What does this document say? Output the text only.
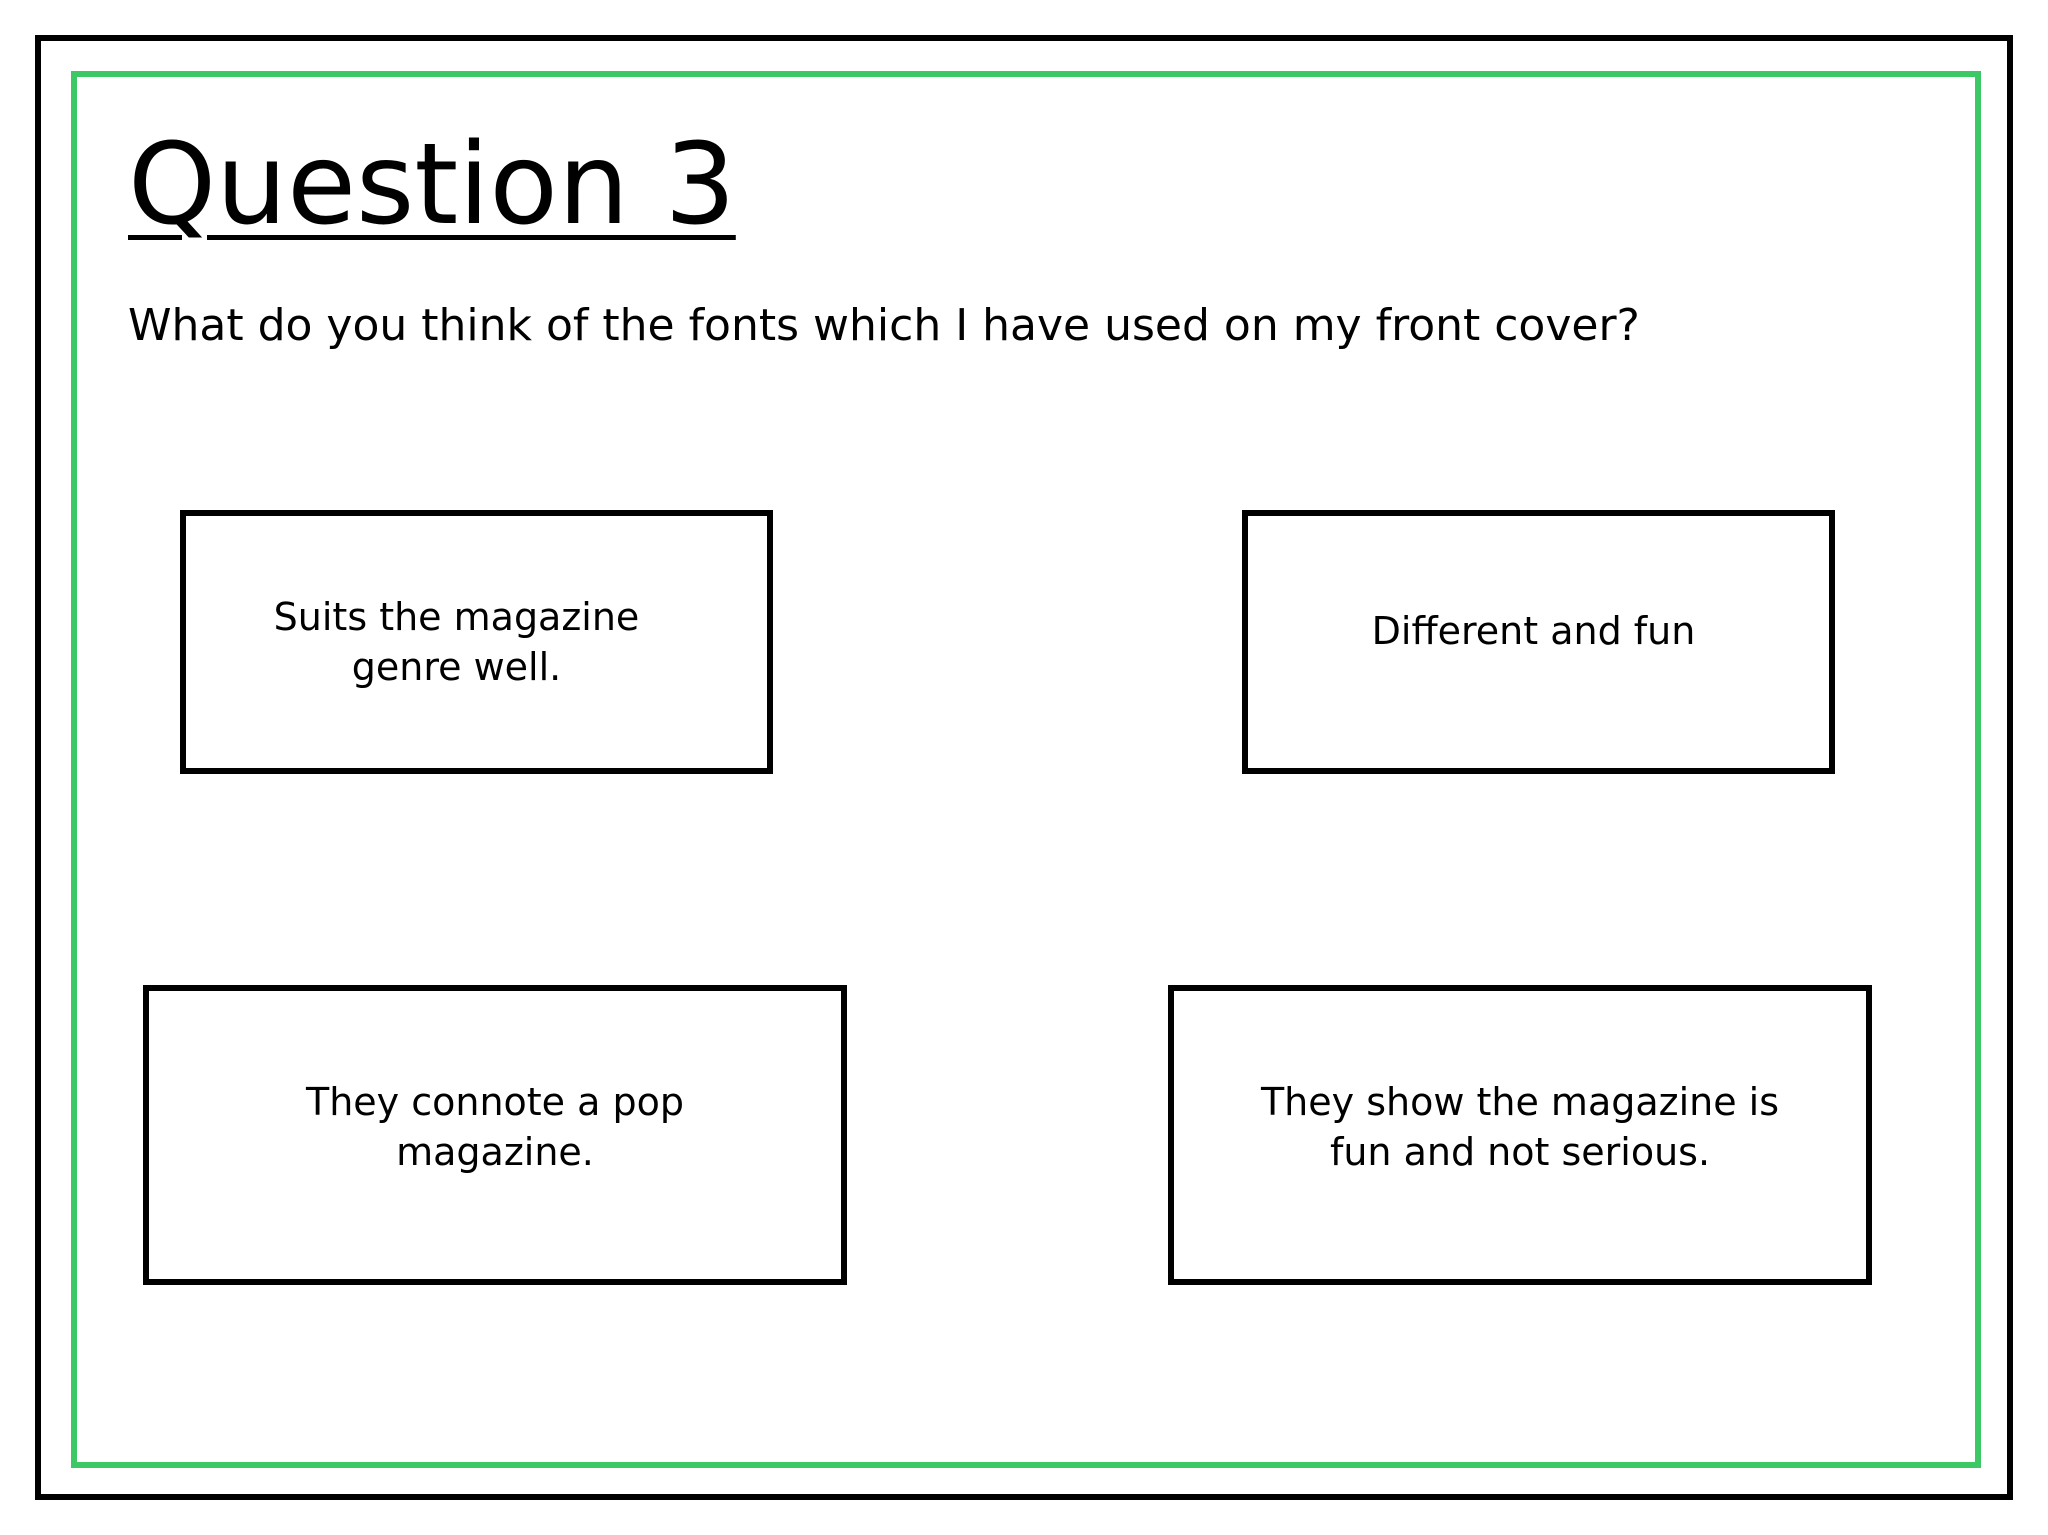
Question 3

What do you think of the fonts which I have used on my front cover?

Suits the magazine
genre well.

Different and fun

They connote a pop
magazine.

They show the magazine is
fun and not serious.
